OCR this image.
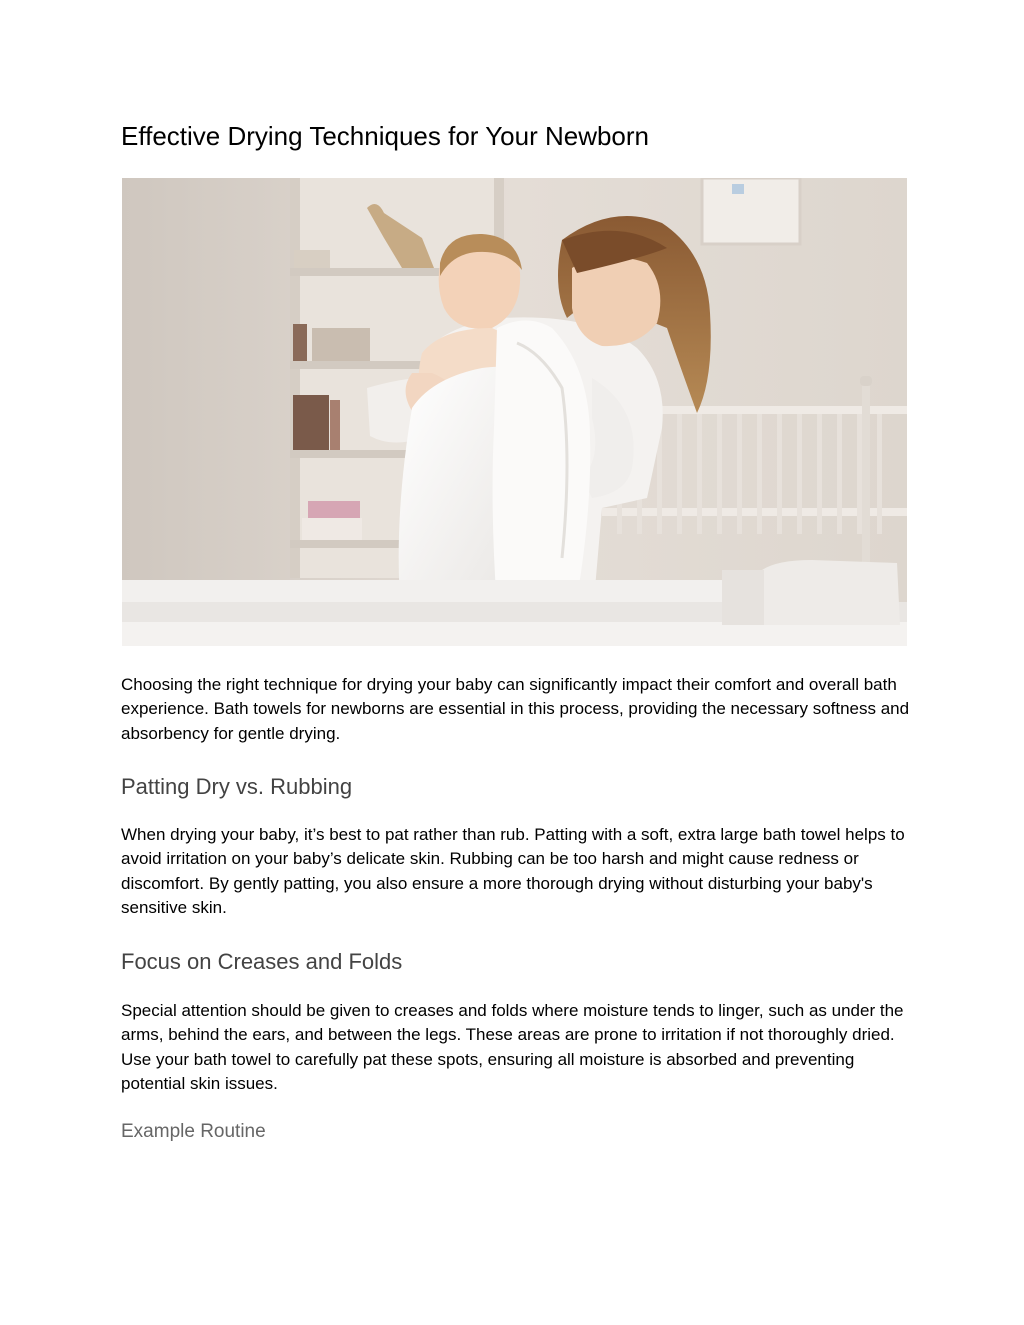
Effective Drying Techniques for Your Newborn

Choosing the right technique for drying your baby can significantly impact their comfort and overall bath experience. Bath towels for newborns are essential in this process, providing the necessary softness and absorbency for gentle drying.

Patting Dry vs. Rubbing

When drying your baby, it’s best to pat rather than rub. Patting with a soft, extra large bath towel helps to avoid irritation on your baby’s delicate skin. Rubbing can be too harsh and might cause redness or discomfort. By gently patting, you also ensure a more thorough drying without disturbing your baby's sensitive skin.

Focus on Creases and Folds

Special attention should be given to creases and folds where moisture tends to linger, such as under the arms, behind the ears, and between the legs. These areas are prone to irritation if not thoroughly dried. Use your bath towel to carefully pat these spots, ensuring all moisture is absorbed and preventing potential skin issues.

Example Routine
